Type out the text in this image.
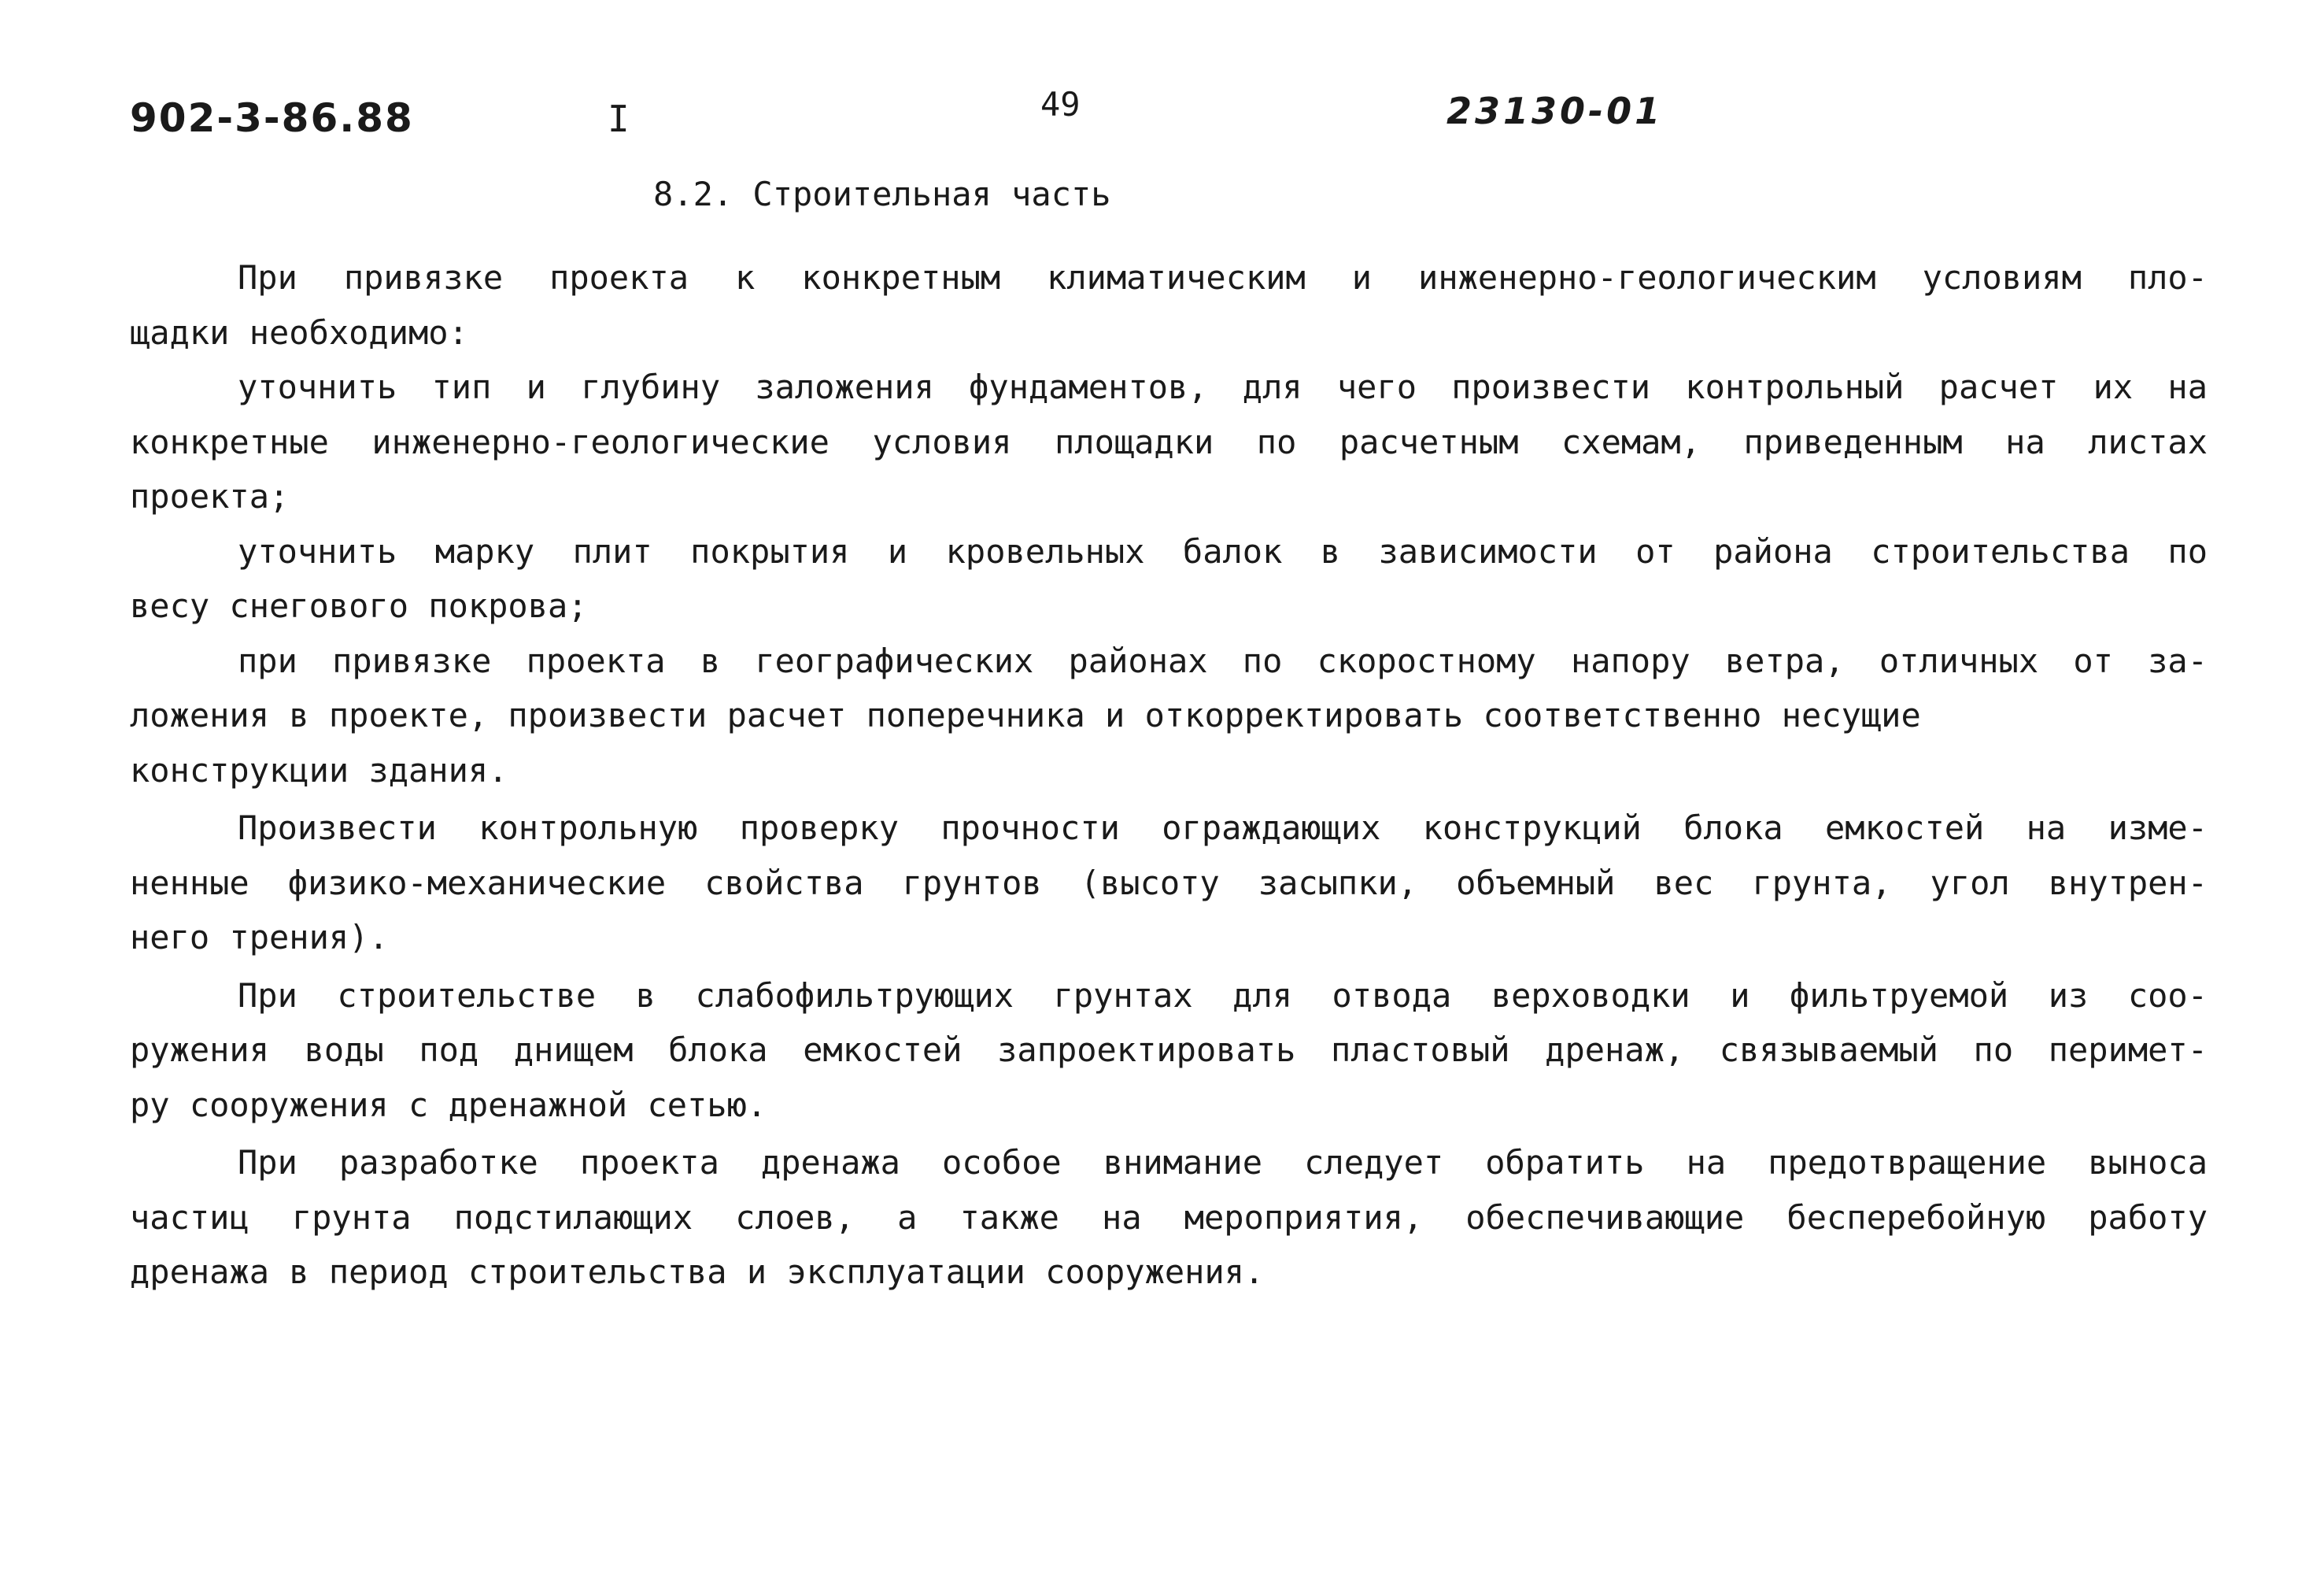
902-3-86.88	I	49	23130-01
8.2. Строительная часть
При привязке проекта к конкретным климатическим и инженерно-геологическим условиям пло-
щадки необходимо:
уточнить тип и глубину заложения фундаментов, для чего произвести контрольный расчет их на
конкретные инженерно-геологические условия площадки по расчетным схемам, приведенным на листах
проекта;
уточнить марку плит покрытия и кровельных балок в зависимости от района строительства по
весу снегового покрова;
при привязке проекта в географических районах по скоростному напору ветра, отличных от за-
ложения в проекте, произвести расчет поперечника и откорректировать соответственно несущие
конструкции здания.
Произвести контрольную проверку прочности ограждающих конструкций блока емкостей на изме-
ненные физико-механические свойства грунтов (высоту засыпки, объемный вес грунта, угол внутрен-
него трения).
При строительстве в слабофильтрующих грунтах для отвода верховодки и фильтруемой из соо-
ружения воды под днищем блока емкостей запроектировать пластовый дренаж, связываемый по перимет-
ру сооружения с дренажной сетью.
При разработке проекта дренажа особое внимание следует обратить на предотвращение выноса
частиц грунта подстилающих слоев, а также на мероприятия, обеспечивающие бесперебойную работу
дренажа в период строительства и эксплуатации сооружения.
